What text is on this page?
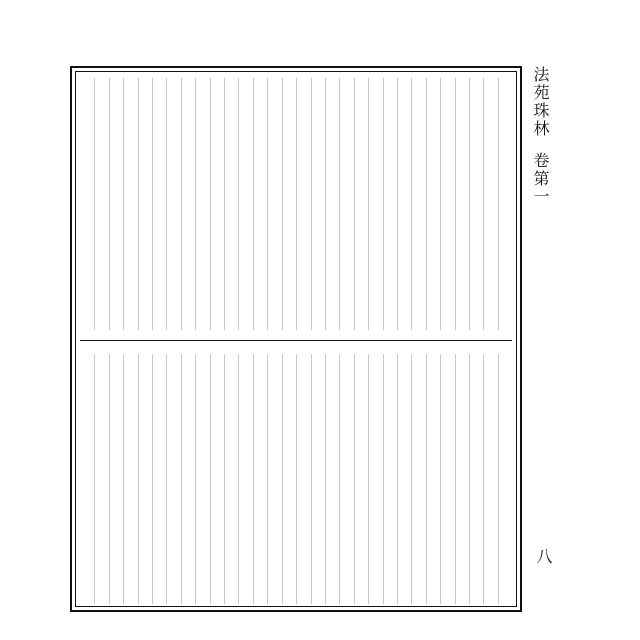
法苑珠林
卷第一
八
